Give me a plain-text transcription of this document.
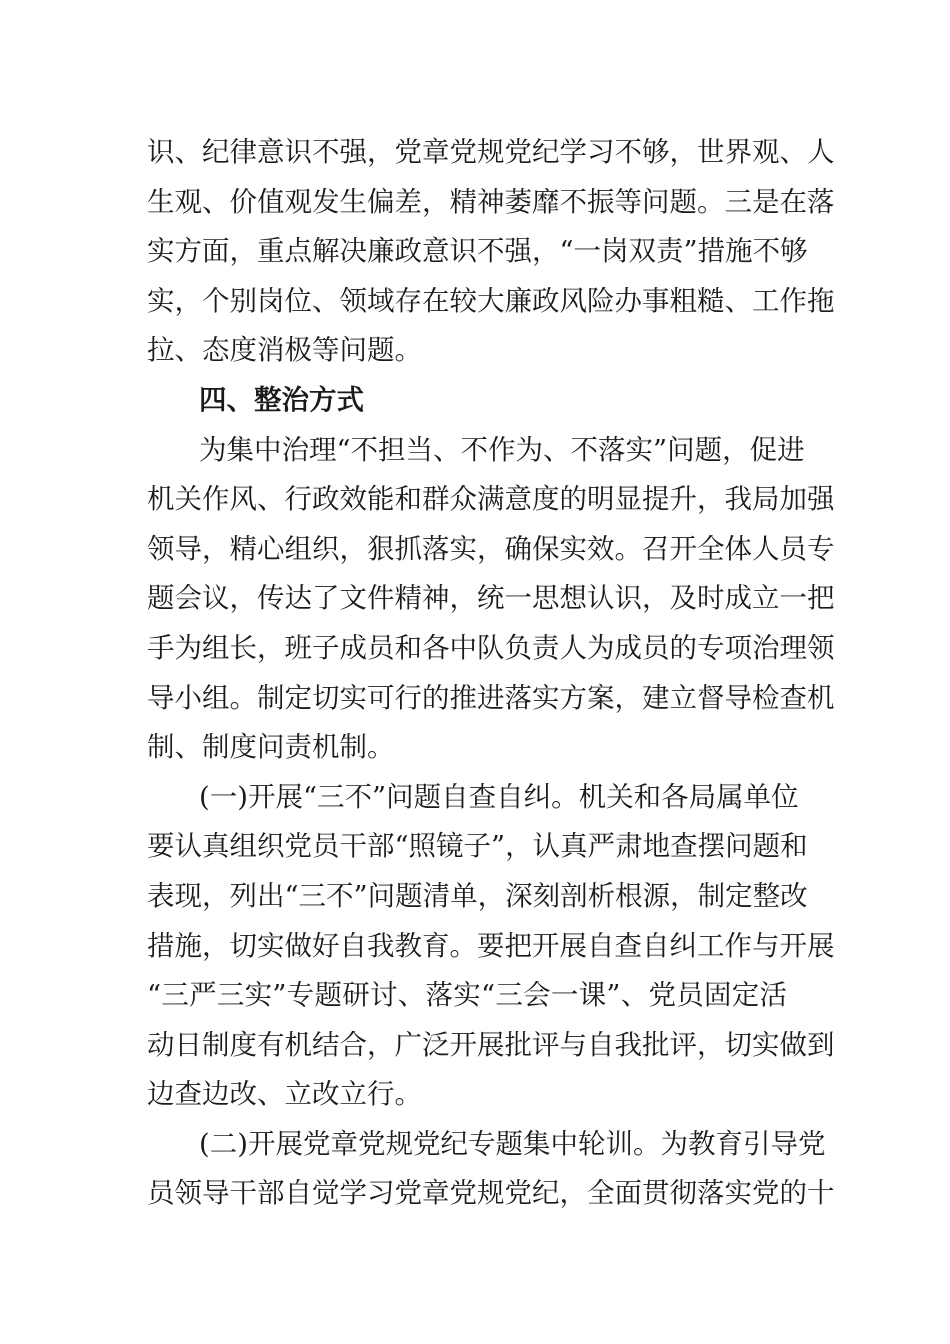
识、纪律意识不强，党章党规党纪学习不够，世界观、人
生观、价值观发生偏差，精神萎靡不振等问题。三是在落
实方面，重点解决廉政意识不强，“一岗双责”措施不够
实，个别岗位、领域存在较大廉政风险办事粗糙、工作拖
拉、态度消极等问题。
四、整治方式
为集中治理“不担当、不作为、不落实”问题，促进
机关作风、行政效能和群众满意度的明显提升，我局加强
领导，精心组织，狠抓落实，确保实效。召开全体人员专
题会议，传达了文件精神，统一思想认识，及时成立一把
手为组长，班子成员和各中队负责人为成员的专项治理领
导小组。制定切实可行的推进落实方案，建立督导检查机
制、制度问责机制。
(一)开展“三不”问题自查自纠。机关和各局属单位
要认真组织党员干部“照镜子”，认真严肃地查摆问题和
表现，列出“三不”问题清单，深刻剖析根源，制定整改
措施，切实做好自我教育。要把开展自查自纠工作与开展
“三严三实”专题研讨、落实“三会一课”、党员固定活
动日制度有机结合，广泛开展批评与自我批评，切实做到
边查边改、立改立行。
(二)开展党章党规党纪专题集中轮训。为教育引导党
员领导干部自觉学习党章党规党纪，全面贯彻落实党的十
